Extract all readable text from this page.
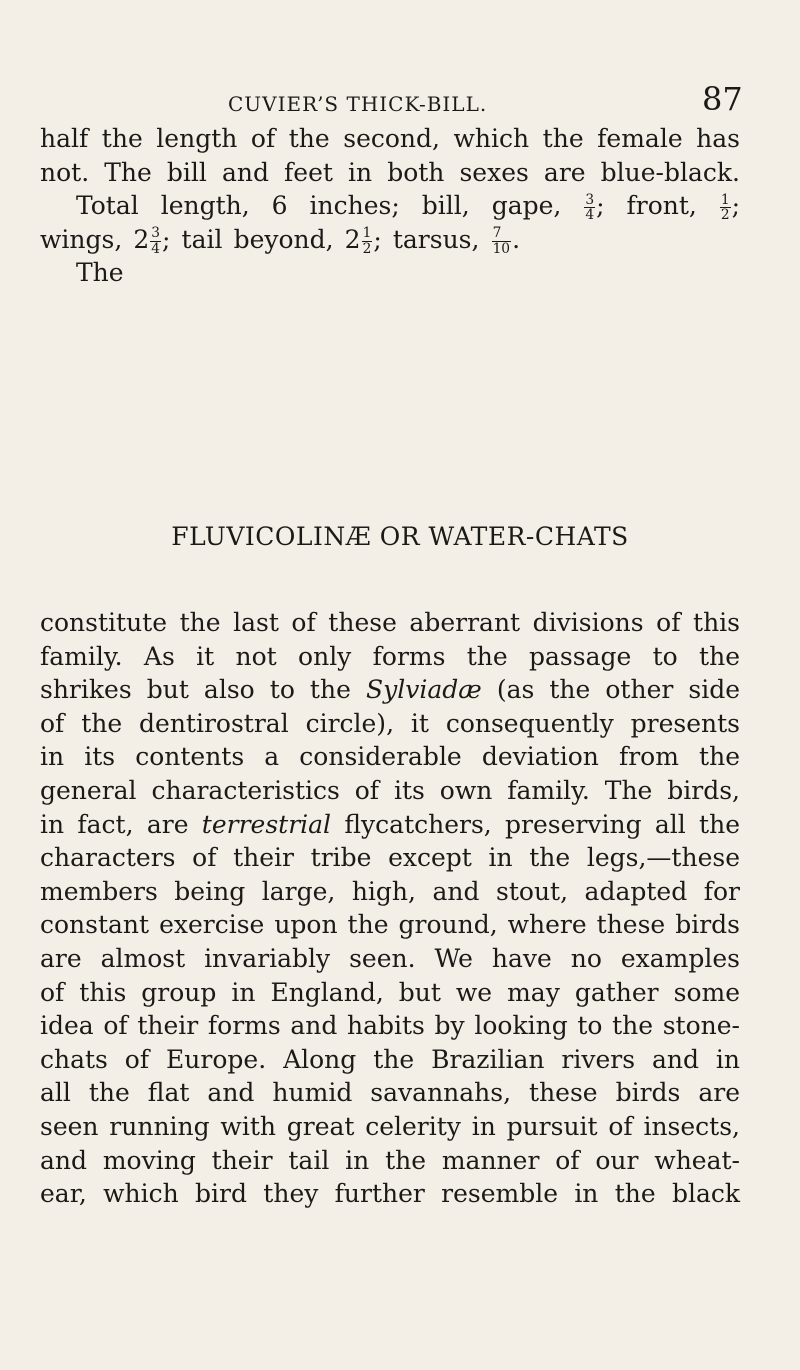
CUVIER’S THICK-BILL.	87
half the length of the second, which the female has
not. The bill and feet in both sexes are blue-black.
Total length, 6 inches; bill, gape, $\frac{3}{4}$ ; front, $\frac{1}{2}$ ;
wings, $2 \frac{3}{4}$ ; tail beyond, $2 \frac{1}{2}$ ; tarsus, $\frac{7}{10}$ .
The
FLUVICOLINÆ OR WATER-CHATS
constitute the last of these aberrant divisions of this
family. As it not only forms the passage to the
shrikes but also to the Sylviadæ (as the other side
of the dentirostral circle), it consequently presents
in its contents a considerable deviation from the
general characteristics of its own family. The birds,
in fact, are terrestrial flycatchers, preserving all the
characters of their tribe except in the legs,—these
members being large, high, and stout, adapted for
constant exercise upon the ground, where these birds
are almost invariably seen. We have no examples
of this group in England, but we may gather some
idea of their forms and habits by looking to the stone-
chats of Europe. Along the Brazilian rivers and in
all the flat and humid savannahs, these birds are
seen running with great celerity in pursuit of insects,
and moving their tail in the manner of our wheat-
ear, which bird they further resemble in the black
